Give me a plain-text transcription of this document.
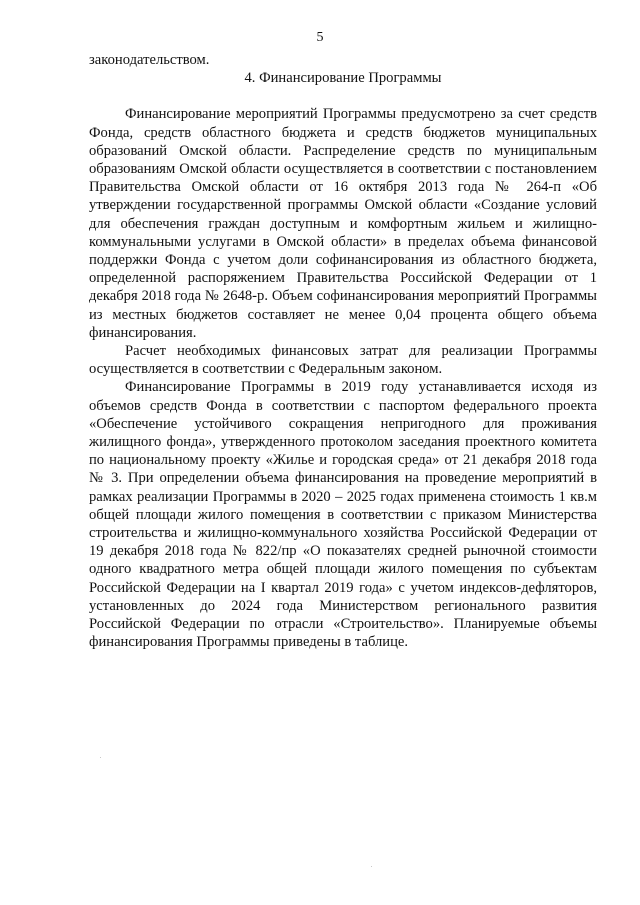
5

законодательством.

4. Финансирование Программы

Финансирование мероприятий Программы предусмотрено за счет средств Фонда, средств областного бюджета и средств бюджетов муниципальных образований Омской области. Распределение средств по муниципальным образованиям Омской области осуществляется в соответствии с постановлением Правительства Омской области от 16 октября 2013 года № 264-п «Об утверждении государственной программы Омской области «Создание условий для обеспечения граждан доступным и комфортным жильем и жилищно-коммунальными услугами в Омской области» в пределах объема финансовой поддержки Фонда с учетом доли софинансирования из областного бюджета, определенной распоряжением Правительства Российской Федерации от 1 декабря 2018 года № 2648-р. Объем софинансирования мероприятий Программы из местных бюджетов составляет не менее 0,04 процента общего объема финансирования.

Расчет необходимых финансовых затрат для реализации Программы осуществляется в соответствии с Федеральным законом.

Финансирование Программы в 2019 году устанавливается исходя из объемов средств Фонда в соответствии с паспортом федерального проекта «Обеспечение устойчивого сокращения непригодного для проживания жилищного фонда», утвержденного протоколом заседания проектного комитета по национальному проекту «Жилье и городская среда» от 21 декабря 2018 года № 3. При определении объема финансирования на проведение мероприятий в рамках реализации Программы в 2020 – 2025 годах применена стоимость 1 кв.м общей площади жилого помещения в соответствии с приказом Министерства строительства и жилищно-коммунального хозяйства Российской Федерации от 19 декабря 2018 года № 822/пр «О показателях средней рыночной стоимости одного квадратного метра общей площади жилого помещения по субъектам Российской Федерации на I квартал 2019 года» с учетом индексов-дефляторов, установленных до 2024 года Министерством регионального развития Российской Федерации по отрасли «Строительство». Планируемые объемы финансирования Программы приведены в таблице.
